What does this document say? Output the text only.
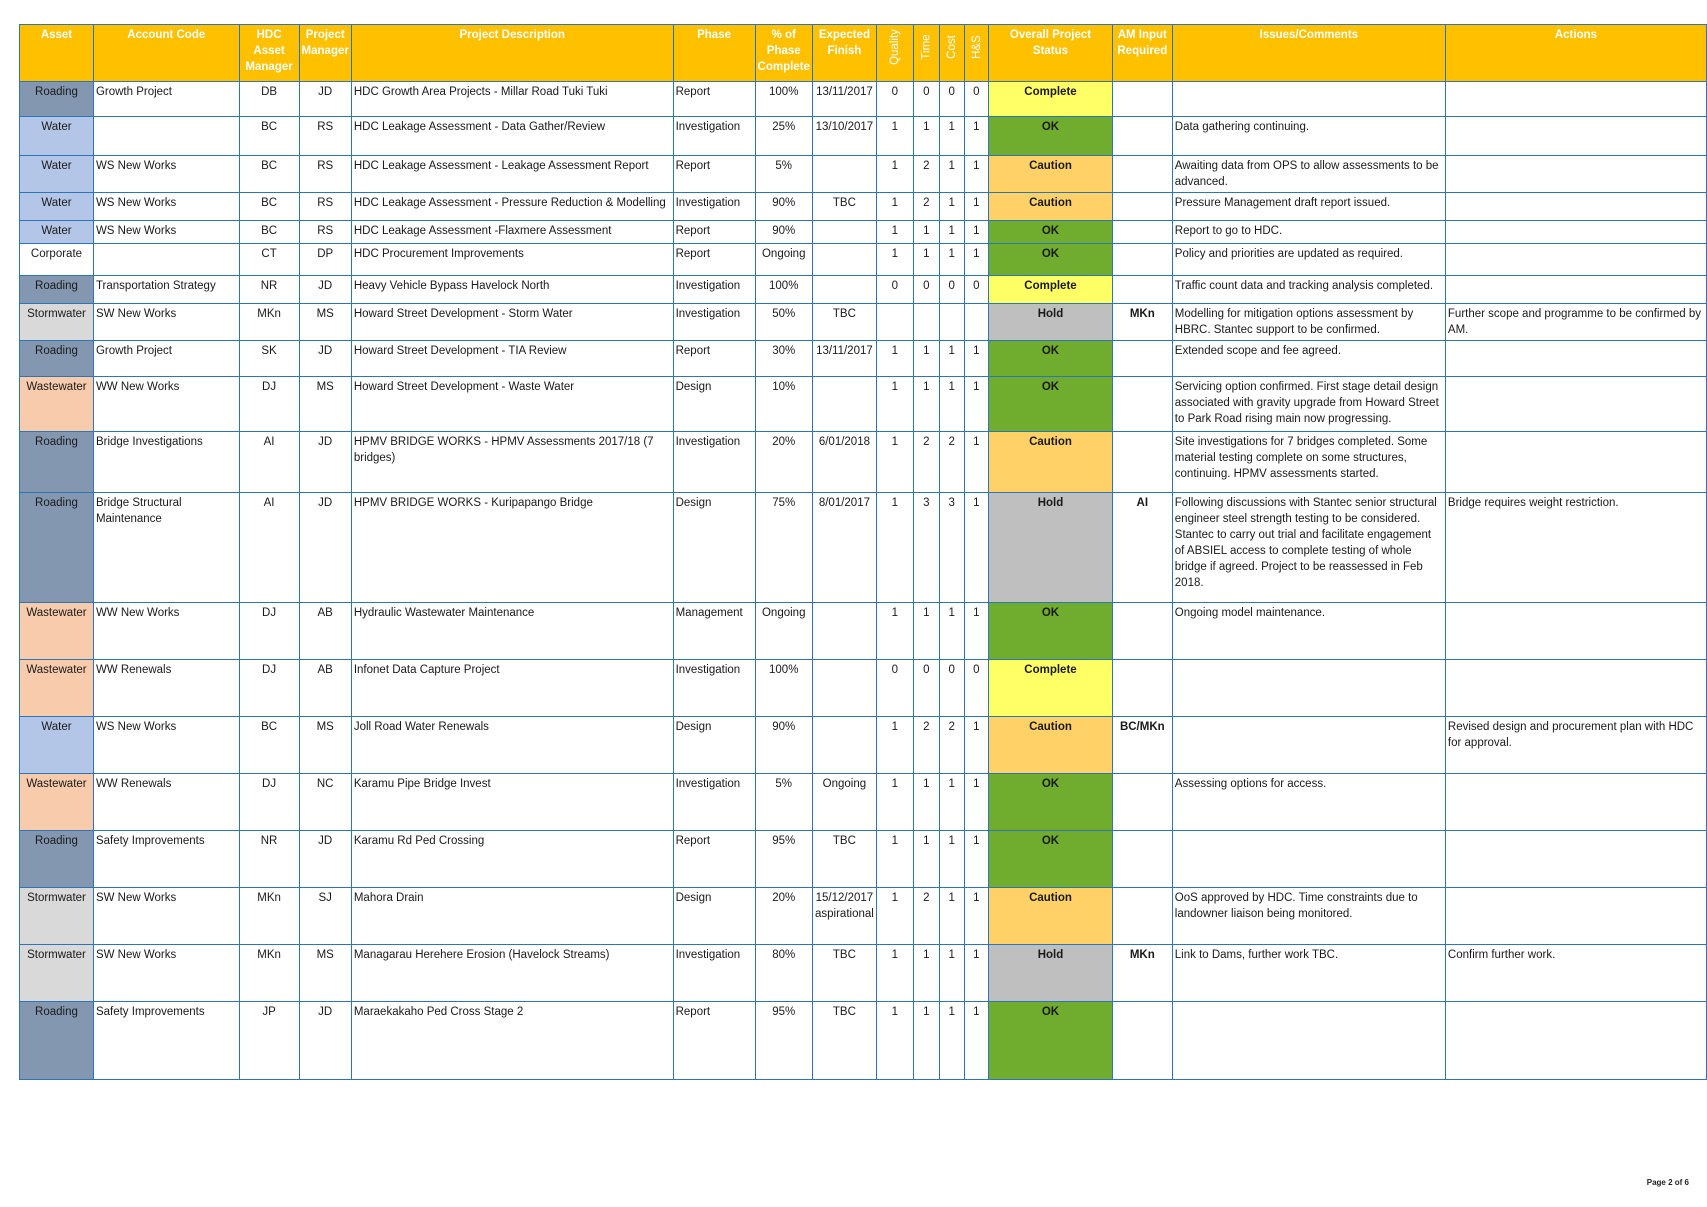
Asset	Account Code	HDC Asset Manager	Project Manager	Project Description	Phase	% of Phase Complete	Expected Finish	Quality	Time	Cost	H&S	Overall Project Status	AM Input Required	Issues/Comments	Actions
Roading	Growth Project	DB	JD	HDC Growth Area Projects - Millar Road Tuki Tuki	Report	100%	13/11/2017	0	0	0	0	Complete			
Water		BC	RS	HDC Leakage Assessment - Data Gather/Review	Investigation	25%	13/10/2017	1	1	1	1	OK		Data gathering continuing.	
Water	WS New Works	BC	RS	HDC Leakage Assessment - Leakage Assessment Report	Report	5%		1	2	1	1	Caution		Awaiting data from OPS to allow assessments to be advanced.	
Water	WS New Works	BC	RS	HDC Leakage Assessment - Pressure Reduction & Modelling	Investigation	90%	TBC	1	2	1	1	Caution		Pressure Management draft report issued.	
Water	WS New Works	BC	RS	HDC Leakage Assessment -Flaxmere Assessment	Report	90%		1	1	1	1	OK		Report to go to HDC.	
Corporate		CT	DP	HDC Procurement Improvements	Report	Ongoing		1	1	1	1	OK		Policy and priorities are updated as required.	
Roading	Transportation Strategy	NR	JD	Heavy Vehicle Bypass Havelock North	Investigation	100%		0	0	0	0	Complete		Traffic count data and tracking analysis completed.	
Stormwater	SW New Works	MKn	MS	Howard Street Development - Storm Water	Investigation	50%	TBC					Hold	MKn	Modelling for mitigation options assessment by HBRC. Stantec support to be confirmed.	Further scope and programme to be confirmed by AM.
Roading	Growth Project	SK	JD	Howard Street Development - TIA Review	Report	30%	13/11/2017	1	1	1	1	OK		Extended scope and fee agreed.	
Wastewater	WW New Works	DJ	MS	Howard Street Development - Waste Water	Design	10%		1	1	1	1	OK		Servicing option confirmed. First stage detail design associated with gravity upgrade from Howard Street to Park Road rising main now progressing.	
Roading	Bridge Investigations	AI	JD	HPMV BRIDGE WORKS - HPMV Assessments 2017/18 (7 bridges)	Investigation	20%	6/01/2018	1	2	2	1	Caution		Site investigations for 7 bridges completed. Some material testing complete on some structures, continuing. HPMV assessments started.	
Roading	Bridge Structural Maintenance	AI	JD	HPMV BRIDGE WORKS - Kuripapango Bridge	Design	75%	8/01/2017	1	3	3	1	Hold	AI	Following discussions with Stantec senior structural engineer steel strength testing to be considered. Stantec to carry out trial and facilitate engagement of ABSIEL access to complete testing of whole bridge if agreed. Project to be reassessed in Feb 2018.	Bridge requires weight restriction.
Wastewater	WW New Works	DJ	AB	Hydraulic Wastewater Maintenance	Management	Ongoing		1	1	1	1	OK		Ongoing model maintenance.	
Wastewater	WW Renewals	DJ	AB	Infonet Data Capture Project	Investigation	100%		0	0	0	0	Complete			
Water	WS New Works	BC	MS	Joll Road Water Renewals	Design	90%		1	2	2	1	Caution	BC/MKn		Revised design and procurement plan with HDC for approval.
Wastewater	WW Renewals	DJ	NC	Karamu Pipe Bridge Invest	Investigation	5%	Ongoing	1	1	1	1	OK		Assessing options for access.	
Roading	Safety Improvements	NR	JD	Karamu Rd Ped Crossing	Report	95%	TBC	1	1	1	1	OK			
Stormwater	SW New Works	MKn	SJ	Mahora Drain	Design	20%	15/12/2017 aspirational	1	2	1	1	Caution		OoS approved by HDC. Time constraints due to landowner liaison being monitored.	
Stormwater	SW New Works	MKn	MS	Managarau Herehere Erosion (Havelock Streams)	Investigation	80%	TBC	1	1	1	1	Hold	MKn	Link to Dams, further work TBC.	Confirm further work.
Roading	Safety Improvements	JP	JD	Maraekakaho Ped Cross Stage 2	Report	95%	TBC	1	1	1	1	OK			
Page 2 of 6
